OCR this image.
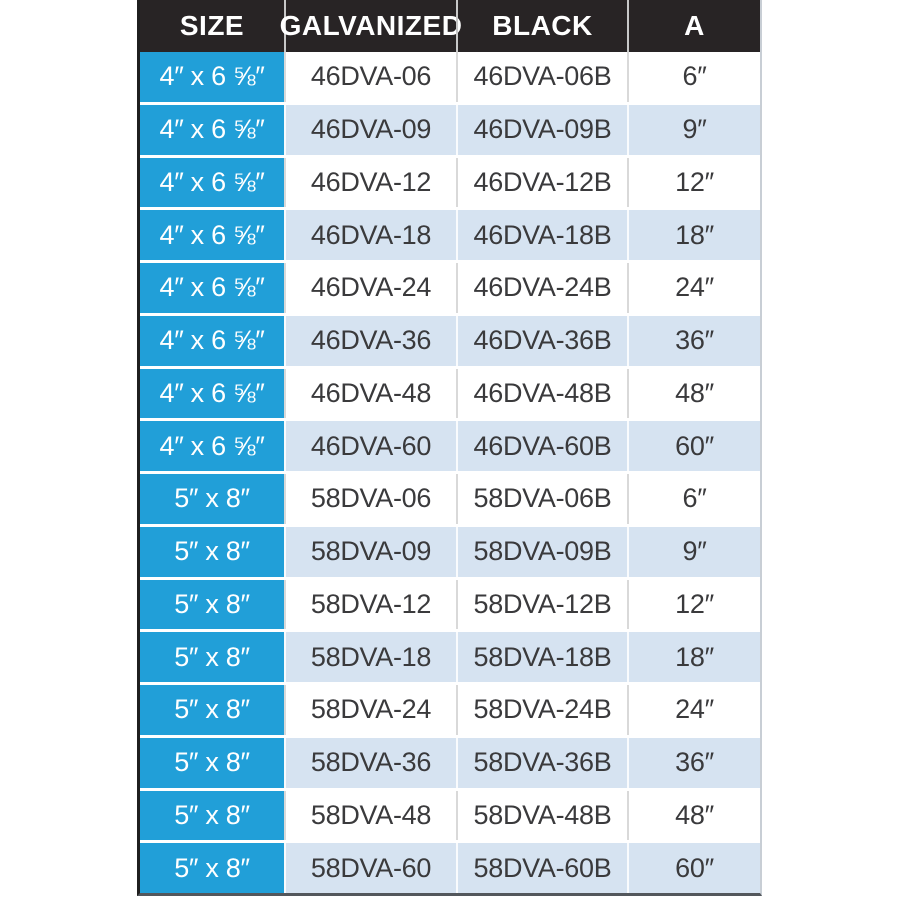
SIZE	GALVANIZED	BLACK	A
4″ x 6 ⅝″	46DVA-06	46DVA-06B	6″
4″ x 6 ⅝″	46DVA-09	46DVA-09B	9″
4″ x 6 ⅝″	46DVA-12	46DVA-12B	12″
4″ x 6 ⅝″	46DVA-18	46DVA-18B	18″
4″ x 6 ⅝″	46DVA-24	46DVA-24B	24″
4″ x 6 ⅝″	46DVA-36	46DVA-36B	36″
4″ x 6 ⅝″	46DVA-48	46DVA-48B	48″
4″ x 6 ⅝″	46DVA-60	46DVA-60B	60″
5″ x 8″	58DVA-06	58DVA-06B	6″
5″ x 8″	58DVA-09	58DVA-09B	9″
5″ x 8″	58DVA-12	58DVA-12B	12″
5″ x 8″	58DVA-18	58DVA-18B	18″
5″ x 8″	58DVA-24	58DVA-24B	24″
5″ x 8″	58DVA-36	58DVA-36B	36″
5″ x 8″	58DVA-48	58DVA-48B	48″
5″ x 8″	58DVA-60	58DVA-60B	60″
